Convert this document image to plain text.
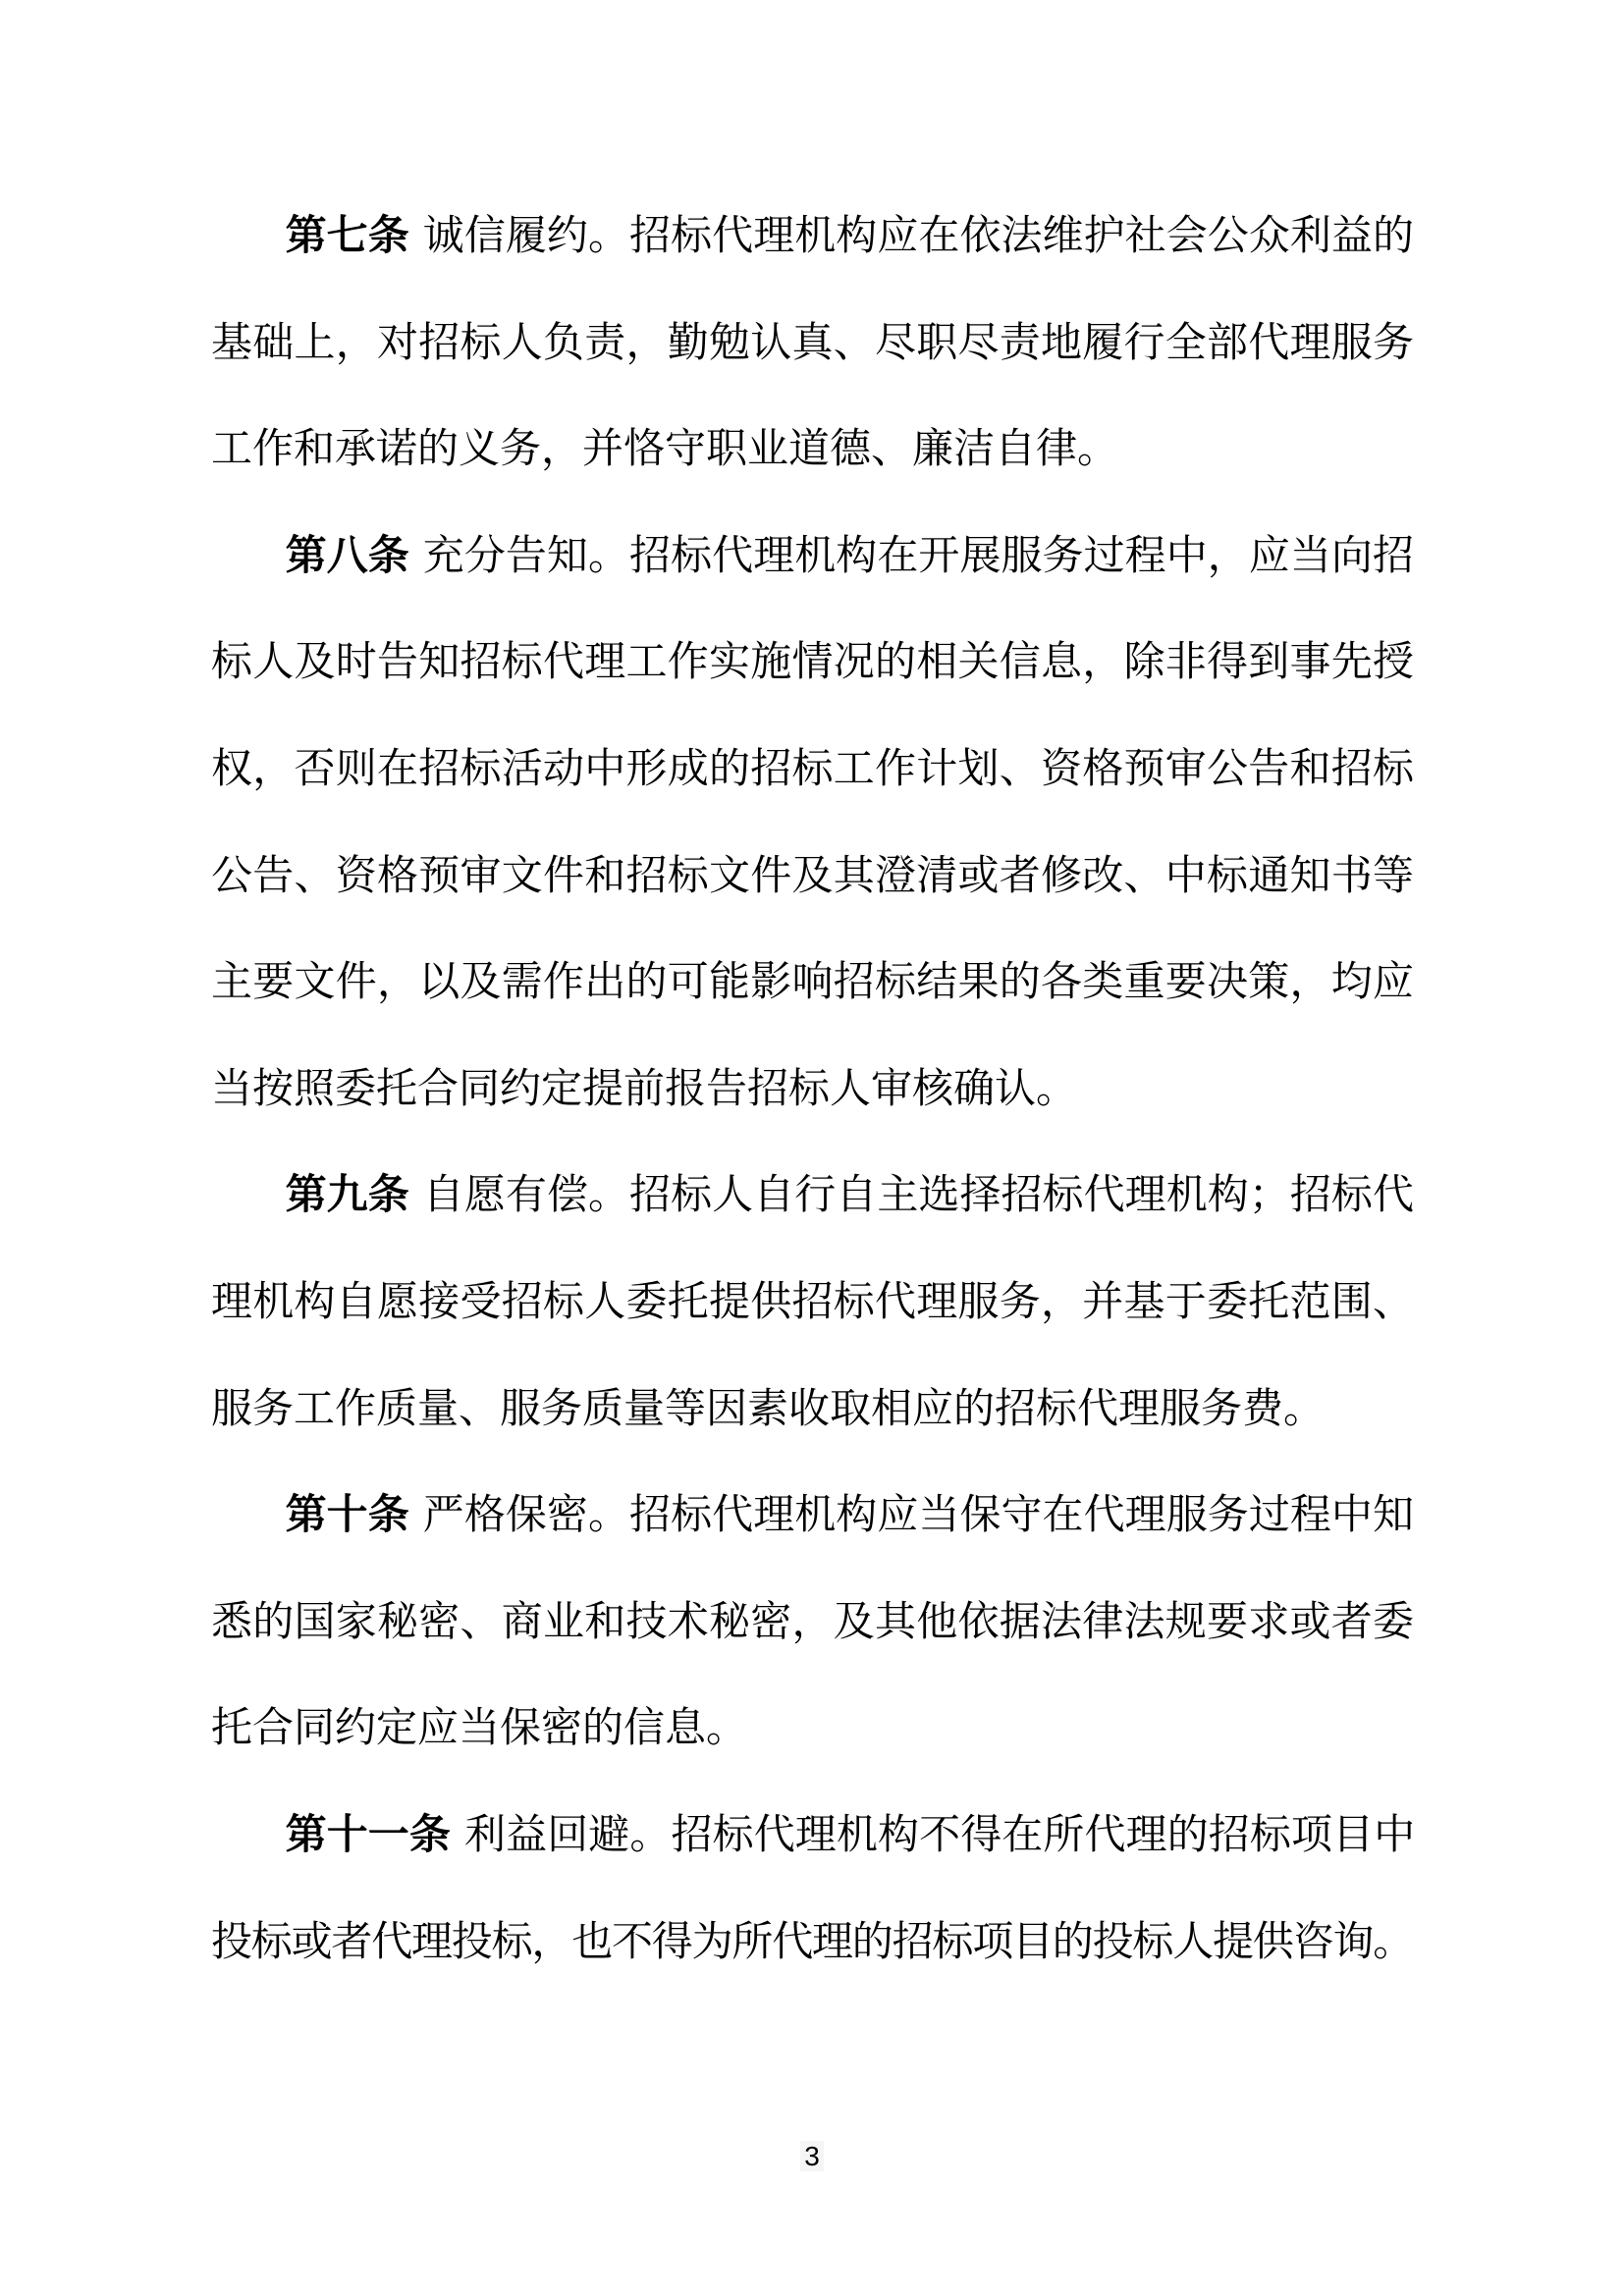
第七条 诚信履约。招标代理机构应在依法维护社会公众利益的基础上，对招标人负责，勤勉认真、尽职尽责地履行全部代理服务工作和承诺的义务，并恪守职业道德、廉洁自律。

第八条 充分告知。招标代理机构在开展服务过程中，应当向招标人及时告知招标代理工作实施情况的相关信息，除非得到事先授权，否则在招标活动中形成的招标工作计划、资格预审公告和招标公告、资格预审文件和招标文件及其澄清或者修改、中标通知书等主要文件，以及需作出的可能影响招标结果的各类重要决策，均应当按照委托合同约定提前报告招标人审核确认。

第九条 自愿有偿。招标人自行自主选择招标代理机构；招标代理机构自愿接受招标人委托提供招标代理服务，并基于委托范围、服务工作质量、服务质量等因素收取相应的招标代理服务费。

第十条 严格保密。招标代理机构应当保守在代理服务过程中知悉的国家秘密、商业和技术秘密，及其他依据法律法规要求或者委托合同约定应当保密的信息。

第十一条 利益回避。招标代理机构不得在所代理的招标项目中投标或者代理投标，也不得为所代理的招标项目的投标人提供咨询。

3
